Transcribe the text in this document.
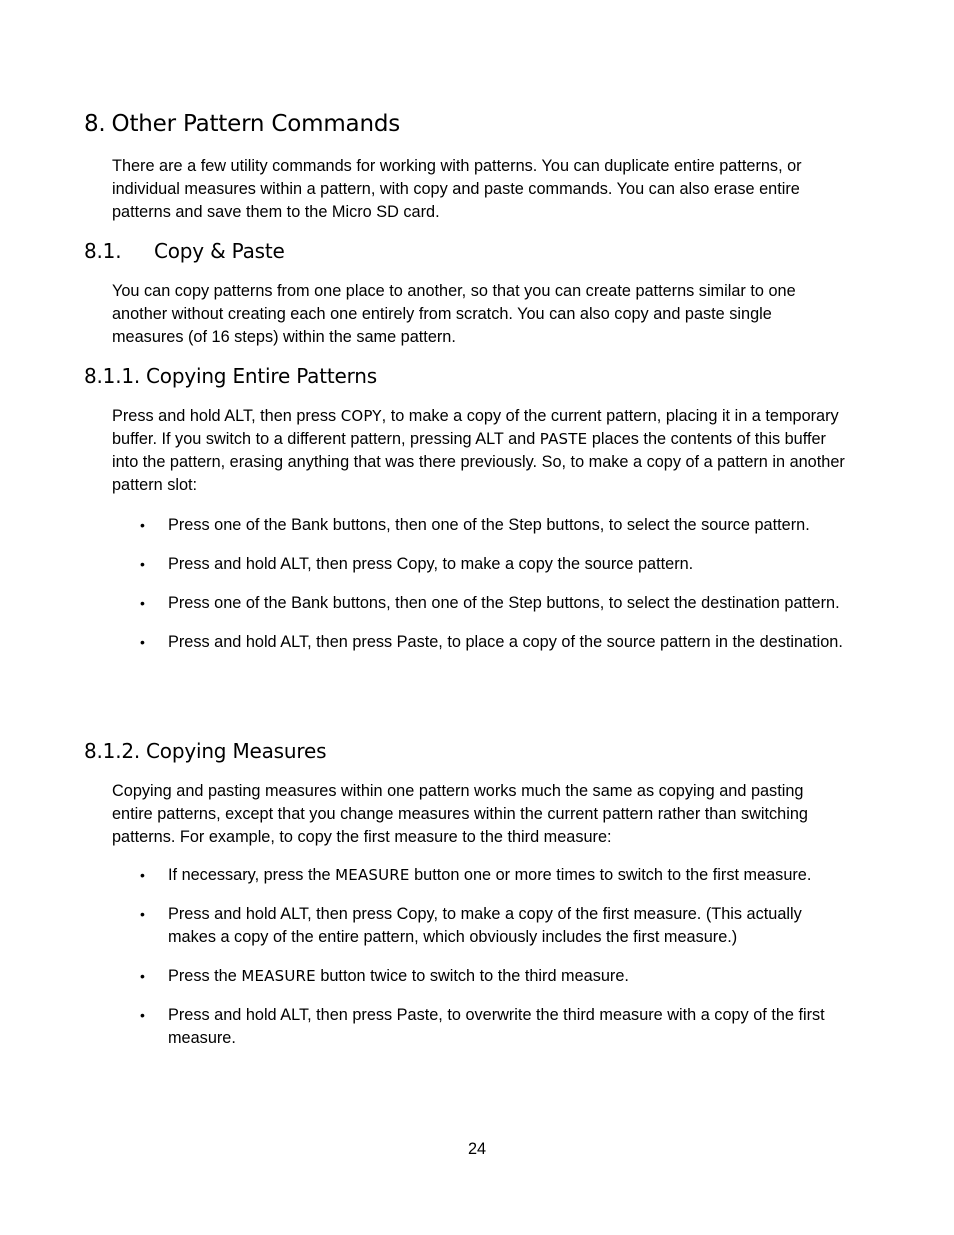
8. Other Pattern Commands

There are a few utility commands for working with patterns. You can duplicate entire patterns, or individual measures within a pattern, with copy and paste commands. You can also erase entire patterns and save them to the Micro SD card.

8.1. Copy & Paste

You can copy patterns from one place to another, so that you can create patterns similar to one another without creating each one entirely from scratch. You can also copy and paste single measures (of 16 steps) within the same pattern.

8.1.1. Copying Entire Patterns

Press and hold ALT, then press COPY, to make a copy of the current pattern, placing it in a temporary buffer. If you switch to a different pattern, pressing ALT and PASTE places the contents of this buffer into the pattern, erasing anything that was there previously. So, to make a copy of a pattern in another pattern slot:

• Press one of the Bank buttons, then one of the Step buttons, to select the source pattern.
• Press and hold ALT, then press Copy, to make a copy the source pattern.
• Press one of the Bank buttons, then one of the Step buttons, to select the destination pattern.
• Press and hold ALT, then press Paste, to place a copy of the source pattern in the destination.
8.1.2. Copying Measures

Copying and pasting measures within one pattern works much the same as copying and pasting entire patterns, except that you change measures within the current pattern rather than switching patterns. For example, to copy the first measure to the third measure:

• If necessary, press the MEASURE button one or more times to switch to the first measure.
• Press and hold ALT, then press Copy, to make a copy of the first measure. (This actually makes a copy of the entire pattern, which obviously includes the first measure.)
• Press the MEASURE button twice to switch to the third measure.
• Press and hold ALT, then press Paste, to overwrite the third measure with a copy of the first measure.
24
